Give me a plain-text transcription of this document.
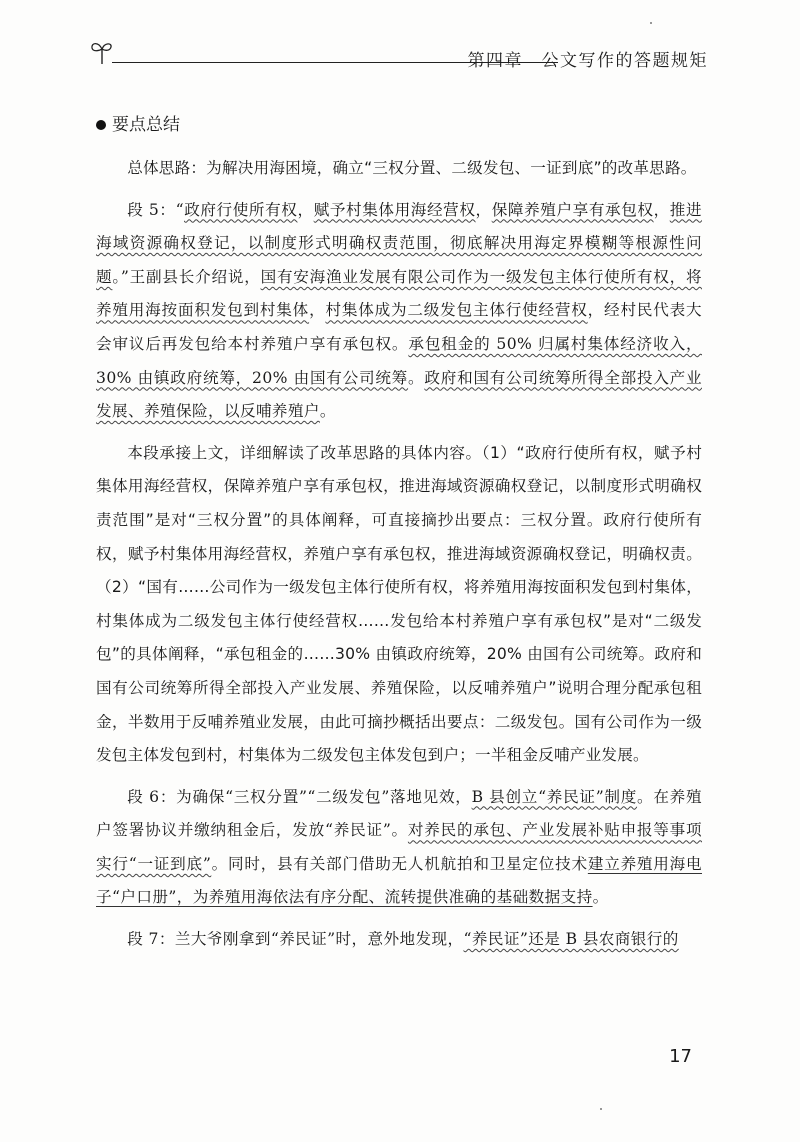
第四章　公文写作的答题规矩
要点总结

总体思路：为解决用海困境，确立“三权分置、二级发包、一证到底”的改革思路。

段 5：“政府行使所有权，赋予村集体用海经营权，保障养殖户享有承包权，推进海域资源确权登记，以制度形式明确权责范围，彻底解决用海定界模糊等根源性问题。”王副县长介绍说，国有安海渔业发展有限公司作为一级发包主体行使所有权，将养殖用海按面积发包到村集体，村集体成为二级发包主体行使经营权，经村民代表大会审议后再发包给本村养殖户享有承包权。承包租金的 50% 归属村集体经济收入，30% 由镇政府统筹，20% 由国有公司统筹。政府和国有公司统筹所得全部投入产业发展、养殖保险，以反哺养殖户。

本段承接上文，详细解读了改革思路的具体内容。（1）“政府行使所有权，赋予村集体用海经营权，保障养殖户享有承包权，推进海域资源确权登记，以制度形式明确权责范围”是对“三权分置”的具体阐释，可直接摘抄出要点：三权分置。政府行使所有权，赋予村集体用海经营权，养殖户享有承包权，推进海域资源确权登记，明确权责。（2）“国有……公司作为一级发包主体行使所有权，将养殖用海按面积发包到村集体，村集体成为二级发包主体行使经营权……发包给本村养殖户享有承包权”是对“二级发包”的具体阐释，“承包租金的……30% 由镇政府统筹，20% 由国有公司统筹。政府和国有公司统筹所得全部投入产业发展、养殖保险，以反哺养殖户”说明合理分配承包租金，半数用于反哺养殖业发展，由此可摘抄概括出要点：二级发包。国有公司作为一级发包主体发包到村，村集体为二级发包主体发包到户；一半租金反哺产业发展。

段 6：为确保“三权分置”“二级发包”落地见效，B 县创立“养民证”制度。在养殖户签署协议并缴纳租金后，发放“养民证”。对养民的承包、产业发展补贴申报等事项实行“一证到底”。同时，县有关部门借助无人机航拍和卫星定位技术建立养殖用海电子“户口册”，为养殖用海依法有序分配、流转提供准确的基础数据支持。

段 7：兰大爷刚拿到“养民证”时，意外地发现，“养民证”还是 B 县农商银行的

17
